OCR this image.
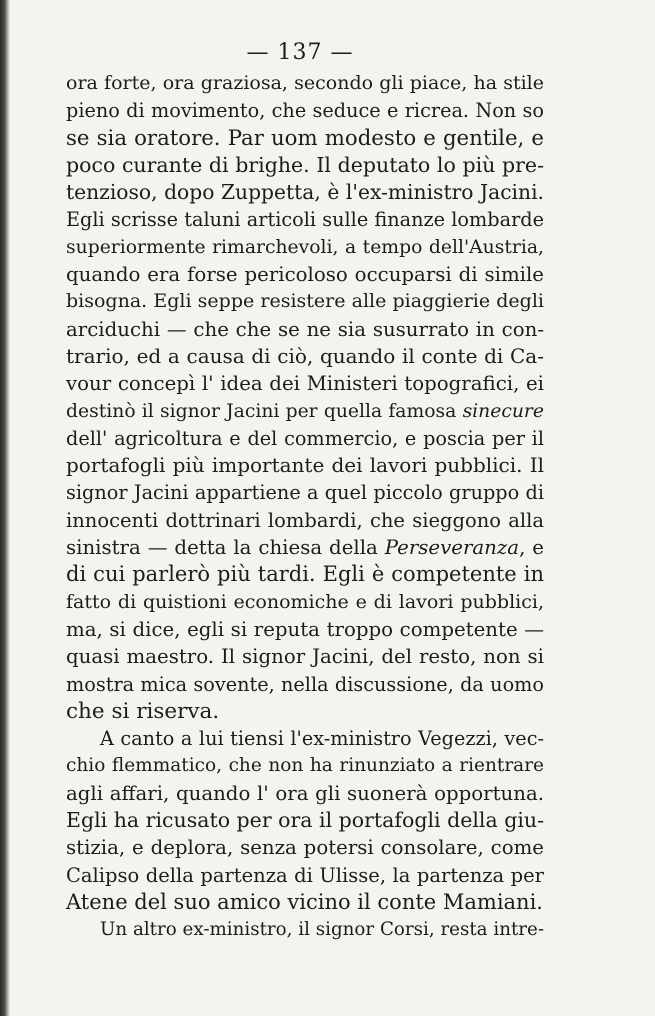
— 137 —
ora forte, ora graziosa, secondo gli piace, ha stile
pieno di movimento, che seduce e ricrea. Non so
se sia oratore. Par uom modesto e gentile, e
poco curante di brighe. Il deputato lo più pre-
tenzioso, dopo Zuppetta, è l'ex-ministro Jacini.
Egli scrisse taluni articoli sulle finanze lombarde
superiormente rimarchevoli, a tempo dell'Austria,
quando era forse pericoloso occuparsi di simile
bisogna. Egli seppe resistere alle piaggierie degli
arciduchi — che che se ne sia susurrato in con-
trario, ed a causa di ciò, quando il conte di Ca-
vour concepì l' idea dei Ministeri topografici, ei
destinò il signor Jacini per quella famosa sinecure
dell' agricoltura e del commercio, e poscia per il
portafogli più importante dei lavori pubblici. Il
signor Jacini appartiene a quel piccolo gruppo di
innocenti dottrinari lombardi, che sieggono alla
sinistra — detta la chiesa della Perseveranza, e
di cui parlerò più tardi. Egli è competente in
fatto di quistioni economiche e di lavori pubblici,
ma, si dice, egli si reputa troppo competente —
quasi maestro. Il signor Jacini, del resto, non si
mostra mica sovente, nella discussione, da uomo
che si riserva.
A canto a lui tiensi l'ex-ministro Vegezzi, vec-
chio flemmatico, che non ha rinunziato a rientrare
agli affari, quando l' ora gli suonerà opportuna.
Egli ha ricusato per ora il portafogli della giu-
stizia, e deplora, senza potersi consolare, come
Calipso della partenza di Ulisse, la partenza per
Atene del suo amico vicino il conte Mamiani.
Un altro ex-ministro, il signor Corsi, resta intre-
